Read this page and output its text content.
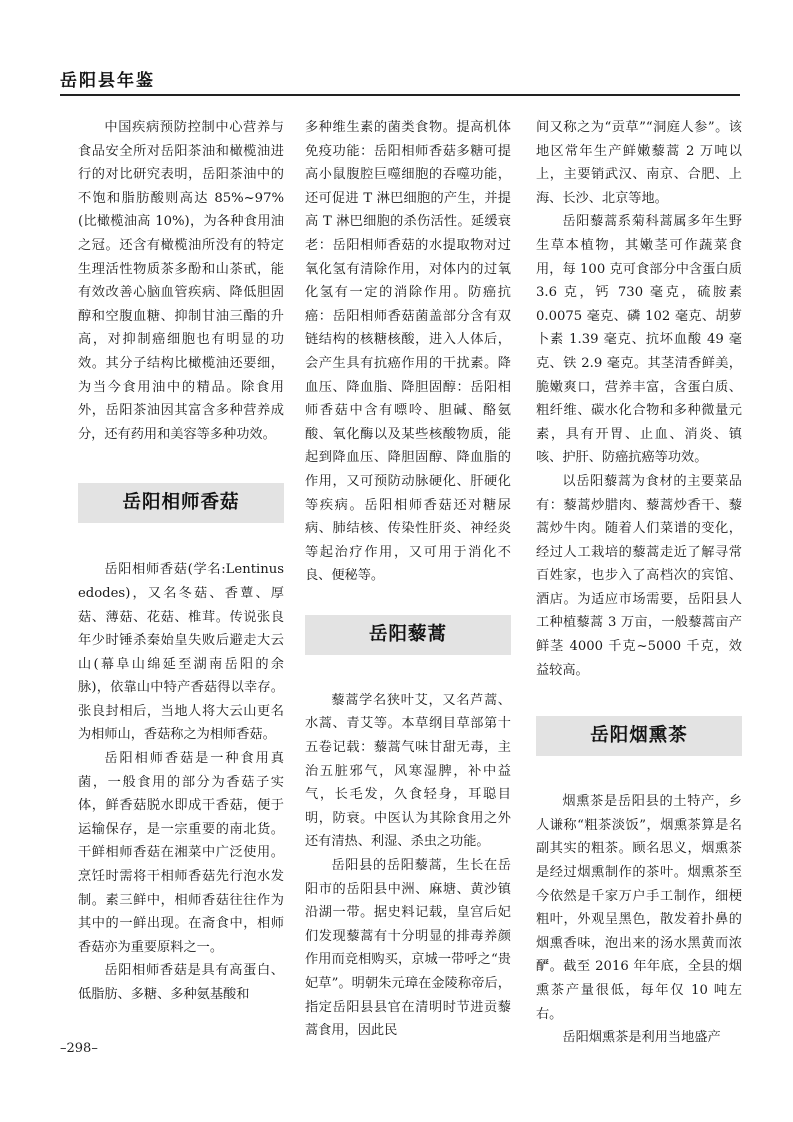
岳阳县年鉴

中国疾病预防控制中心营养与食品安全所对岳阳茶油和橄榄油进行的对比研究表明，岳阳茶油中的不饱和脂肪酸则高达 85%~97%(比橄榄油高 10%)，为各种食用油之冠。还含有橄榄油所没有的特定生理活性物质茶多酚和山茶甙，能有效改善心脑血管疾病、降低胆固醇和空腹血糖、抑制甘油三酯的升高，对抑制癌细胞也有明显的功效。其分子结构比橄榄油还要细，为当今食用油中的精品。除食用外，岳阳茶油因其富含多种营养成分，还有药用和美容等多种功效。

岳阳相师香菇

岳阳相师香菇(学名:Lentinus edodes)，又名冬菇、香蕈、厚菇、薄菇、花菇、椎茸。传说张良年少时锤杀秦始皇失败后避走大云山(幕阜山绵延至湖南岳阳的余脉)，依靠山中特产香菇得以幸存。张良封相后，当地人将大云山更名为相师山，香菇称之为相师香菇。

岳阳相师香菇是一种食用真菌，一般食用的部分为香菇子实体，鲜香菇脱水即成干香菇，便于运输保存，是一宗重要的南北货。干鲜相师香菇在湘菜中广泛使用。烹饪时需将干相师香菇先行泡水发制。素三鲜中，相师香菇往往作为其中的一鲜出现。在斋食中，相师香菇亦为重要原料之一。

岳阳相师香菇是具有高蛋白、低脂肪、多糖、多种氨基酸和

多种维生素的菌类食物。提高机体免疫功能：岳阳相师香菇多糖可提高小鼠腹腔巨噬细胞的吞噬功能，还可促进 T 淋巴细胞的产生，并提高 T 淋巴细胞的杀伤活性。延缓衰老：岳阳相师香菇的水提取物对过氧化氢有清除作用，对体内的过氧化氢有一定的消除作用。防癌抗癌：岳阳相师香菇菌盖部分含有双链结构的核糖核酸，进入人体后，会产生具有抗癌作用的干扰素。降血压、降血脂、降胆固醇：岳阳相师香菇中含有嘌呤、胆碱、酪氨酸、氧化酶以及某些核酸物质，能起到降血压、降胆固醇、降血脂的作用，又可预防动脉硬化、肝硬化等疾病。岳阳相师香菇还对糖尿病、肺结核、传染性肝炎、神经炎等起治疗作用，又可用于消化不良、便秘等。

岳阳藜蒿

藜蒿学名狭叶艾，又名芦蒿、水蒿、青艾等。本草纲目草部第十五卷记载：藜蒿气味甘甜无毒，主治五脏邪气，风寒湿脾，补中益气，长毛发，久食轻身，耳聪目明，防衰。中医认为其除食用之外还有清热、利湿、杀虫之功能。

岳阳县的岳阳藜蒿，生长在岳阳市的岳阳县中洲、麻塘、黄沙镇沿湖一带。据史料记载，皇宫后妃们发现藜蒿有十分明显的排毒养颜作用而竞相购买，京城一带呼之“贵妃草”。明朝朱元璋在金陵称帝后，指定岳阳县县官在清明时节进贡藜蒿食用，因此民

间又称之为“贡草”“洞庭人参”。该地区常年生产鲜嫩藜蒿 2 万吨以上，主要销武汉、南京、合肥、上海、长沙、北京等地。

岳阳藜蒿系菊科蒿属多年生野生草本植物，其嫩茎可作蔬菜食用，每 100 克可食部分中含蛋白质 3.6 克，钙 730 毫克，硫胺素 0.0075 毫克、磷 102 毫克、胡萝卜素 1.39 毫克、抗坏血酸 49 毫克、铁 2.9 毫克。其茎清香鲜美，脆嫩爽口，营养丰富，含蛋白质、粗纤维、碳水化合物和多种微量元素，具有开胃、止血、消炎、镇咳、护肝、防癌抗癌等功效。

以岳阳藜蒿为食材的主要菜品有：藜蒿炒腊肉、藜蒿炒香干、藜蒿炒牛肉。随着人们菜谱的变化，经过人工栽培的藜蒿走近了解寻常百姓家，也步入了高档次的宾馆、酒店。为适应市场需要，岳阳县人工种植藜蒿 3 万亩，一般藜蒿亩产鲜茎 4000 千克~5000 千克，效益较高。

岳阳烟熏茶

烟熏茶是岳阳县的土特产，乡人谦称“粗茶淡饭”，烟熏茶算是名副其实的粗茶。顾名思义，烟熏茶是经过烟熏制作的茶叶。烟熏茶至今依然是千家万户手工制作，细梗粗叶，外观呈黑色，散发着扑鼻的烟熏香味，泡出来的汤水黑黄而浓酽。截至 2016 年年底，全县的烟熏茶产量很低，每年仅 10 吨左右。

岳阳烟熏茶是利用当地盛产

–298–
